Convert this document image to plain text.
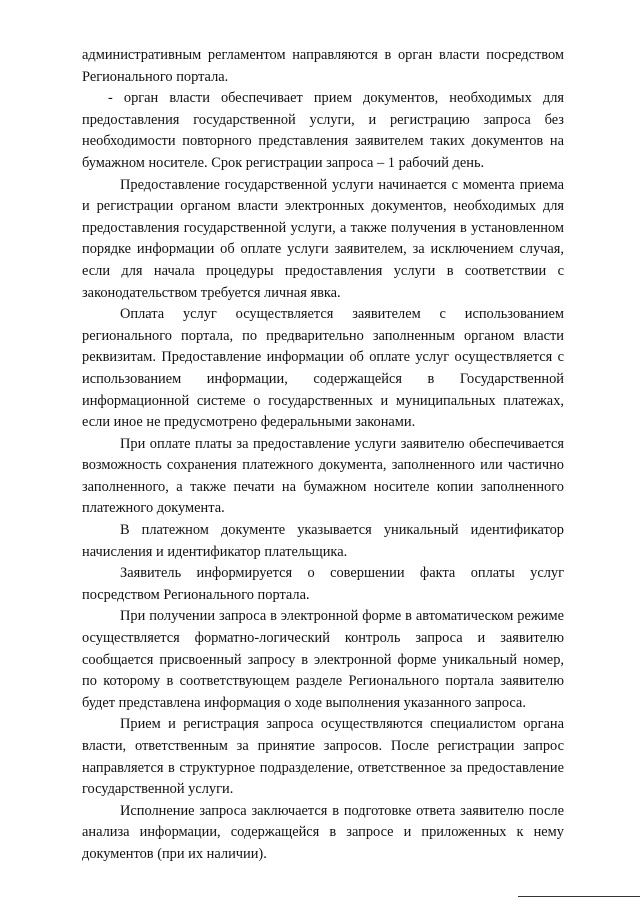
административным регламентом направляются в орган власти посредством Регионального портала.

- орган власти обеспечивает прием документов, необходимых для предоставления государственной услуги, и регистрацию запроса без необходимости повторного представления заявителем таких документов на бумажном носителе. Срок регистрации запроса – 1 рабочий день.

Предоставление государственной услуги начинается с момента приема и регистрации органом власти электронных документов, необходимых для предоставления государственной услуги, а также получения в установленном порядке информации об оплате услуги заявителем, за исключением случая, если для начала процедуры предоставления услуги в соответствии с законодательством требуется личная явка.

Оплата услуг осуществляется заявителем с использованием регионального портала, по предварительно заполненным органом власти реквизитам. Предоставление информации об оплате услуг осуществляется с использованием информации, содержащейся в Государственной информационной системе о государственных и муниципальных платежах, если иное не предусмотрено федеральными законами.

При оплате платы за предоставление услуги заявителю обеспечивается возможность сохранения платежного документа, заполненного или частично заполненного, а также печати на бумажном носителе копии заполненного платежного документа.

В платежном документе указывается уникальный идентификатор начисления и идентификатор плательщика.

Заявитель информируется о совершении факта оплаты услуг посредством Регионального портала.

При получении запроса в электронной форме в автоматическом режиме осуществляется форматно-логический контроль запроса и заявителю сообщается присвоенный запросу в электронной форме уникальный номер, по которому в соответствующем разделе Регионального портала заявителю будет представлена информация о ходе выполнения указанного запроса.

Прием и регистрация запроса осуществляются специалистом органа власти, ответственным за принятие запросов. После регистрации запрос направляется в структурное подразделение, ответственное за предоставление государственной услуги.

Исполнение запроса заключается в подготовке ответа заявителю после анализа информации, содержащейся в запросе и приложенных к нему документов (при их наличии).
